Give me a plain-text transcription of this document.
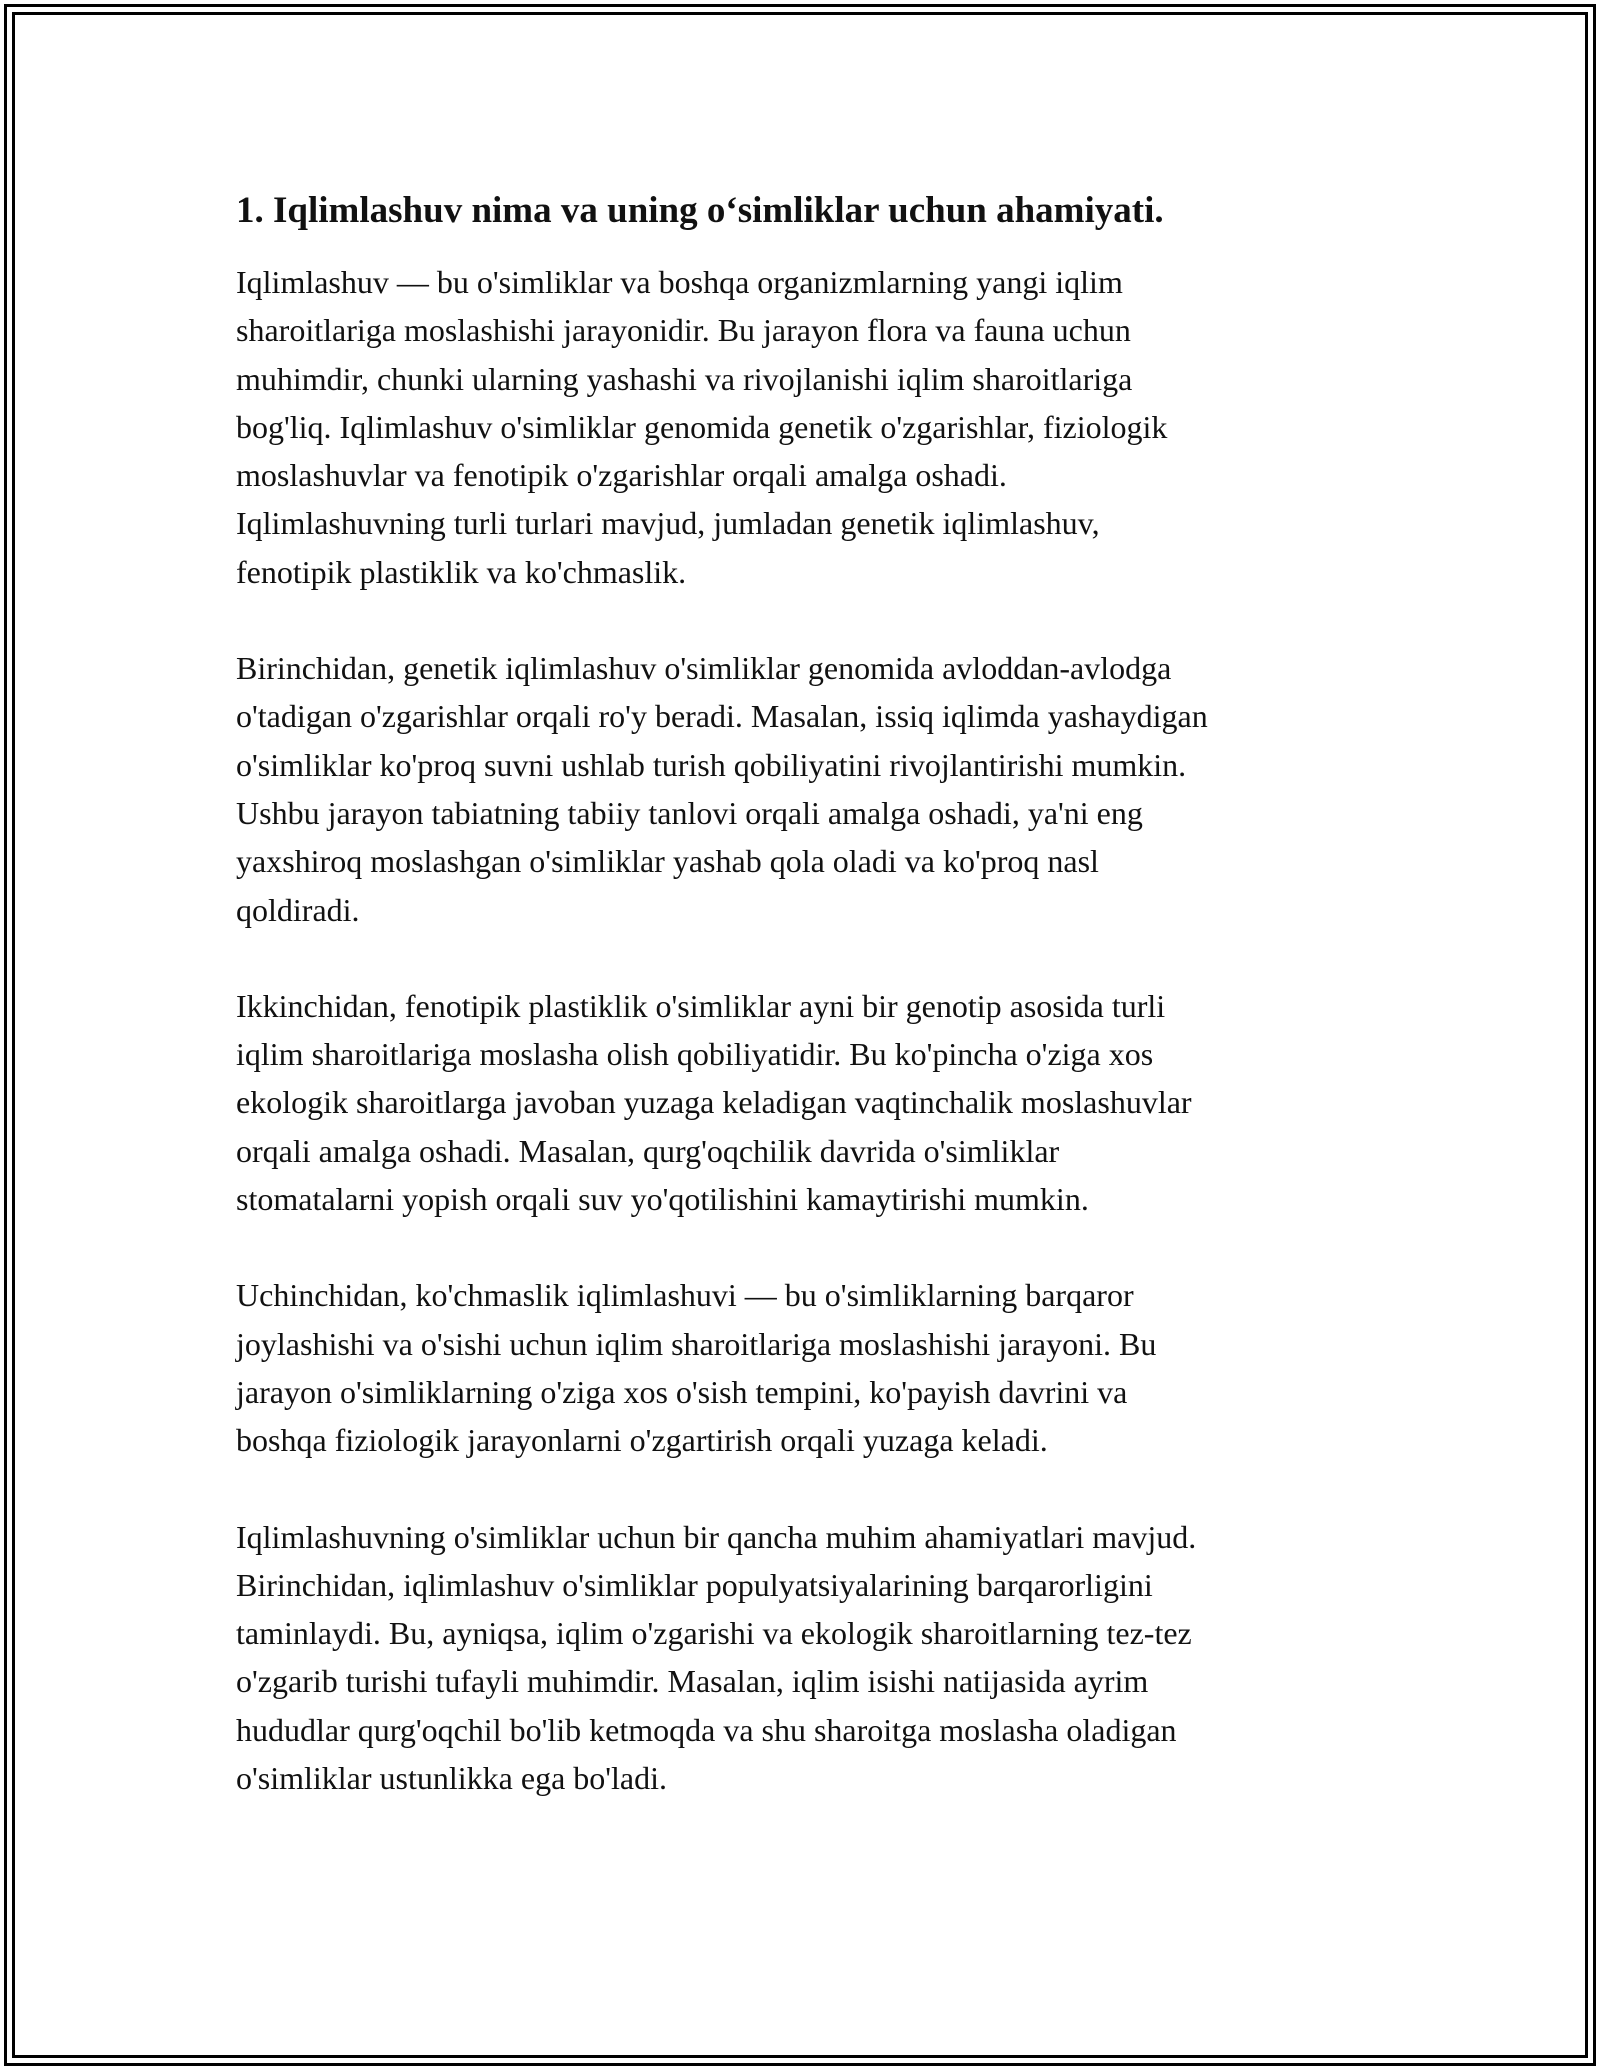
1. Iqlimlashuv nima va uning o‘simliklar uchun ahamiyati.

Iqlimlashuv — bu o'simliklar va boshqa organizmlarning yangi iqlim
sharoitlariga moslashishi jarayonidir. Bu jarayon flora va fauna uchun
muhimdir, chunki ularning yashashi va rivojlanishi iqlim sharoitlariga
bog'liq. Iqlimlashuv o'simliklar genomida genetik o'zgarishlar, fiziologik
moslashuvlar va fenotipik o'zgarishlar orqali amalga oshadi.
Iqlimlashuvning turli turlari mavjud, jumladan genetik iqlimlashuv,
fenotipik plastiklik va ko'chmaslik.

Birinchidan, genetik iqlimlashuv o'simliklar genomida avloddan-avlodga
o'tadigan o'zgarishlar orqali ro'y beradi. Masalan, issiq iqlimda yashaydigan
o'simliklar ko'proq suvni ushlab turish qobiliyatini rivojlantirishi mumkin.
Ushbu jarayon tabiatning tabiiy tanlovi orqali amalga oshadi, ya'ni eng
yaxshiroq moslashgan o'simliklar yashab qola oladi va ko'proq nasl
qoldiradi.

Ikkinchidan, fenotipik plastiklik o'simliklar ayni bir genotip asosida turli
iqlim sharoitlariga moslasha olish qobiliyatidir. Bu ko'pincha o'ziga xos
ekologik sharoitlarga javoban yuzaga keladigan vaqtinchalik moslashuvlar
orqali amalga oshadi. Masalan, qurg'oqchilik davrida o'simliklar
stomatalarni yopish orqali suv yo'qotilishini kamaytirishi mumkin.

Uchinchidan, ko'chmaslik iqlimlashuvi — bu o'simliklarning barqaror
joylashishi va o'sishi uchun iqlim sharoitlariga moslashishi jarayoni. Bu
jarayon o'simliklarning o'ziga xos o'sish tempini, ko'payish davrini va
boshqa fiziologik jarayonlarni o'zgartirish orqali yuzaga keladi.

Iqlimlashuvning o'simliklar uchun bir qancha muhim ahamiyatlari mavjud.
Birinchidan, iqlimlashuv o'simliklar populyatsiyalarining barqarorligini
taminlaydi. Bu, ayniqsa, iqlim o'zgarishi va ekologik sharoitlarning tez-tez
o'zgarib turishi tufayli muhimdir. Masalan, iqlim isishi natijasida ayrim
hududlar qurg'oqchil bo'lib ketmoqda va shu sharoitga moslasha oladigan
o'simliklar ustunlikka ega bo'ladi.
